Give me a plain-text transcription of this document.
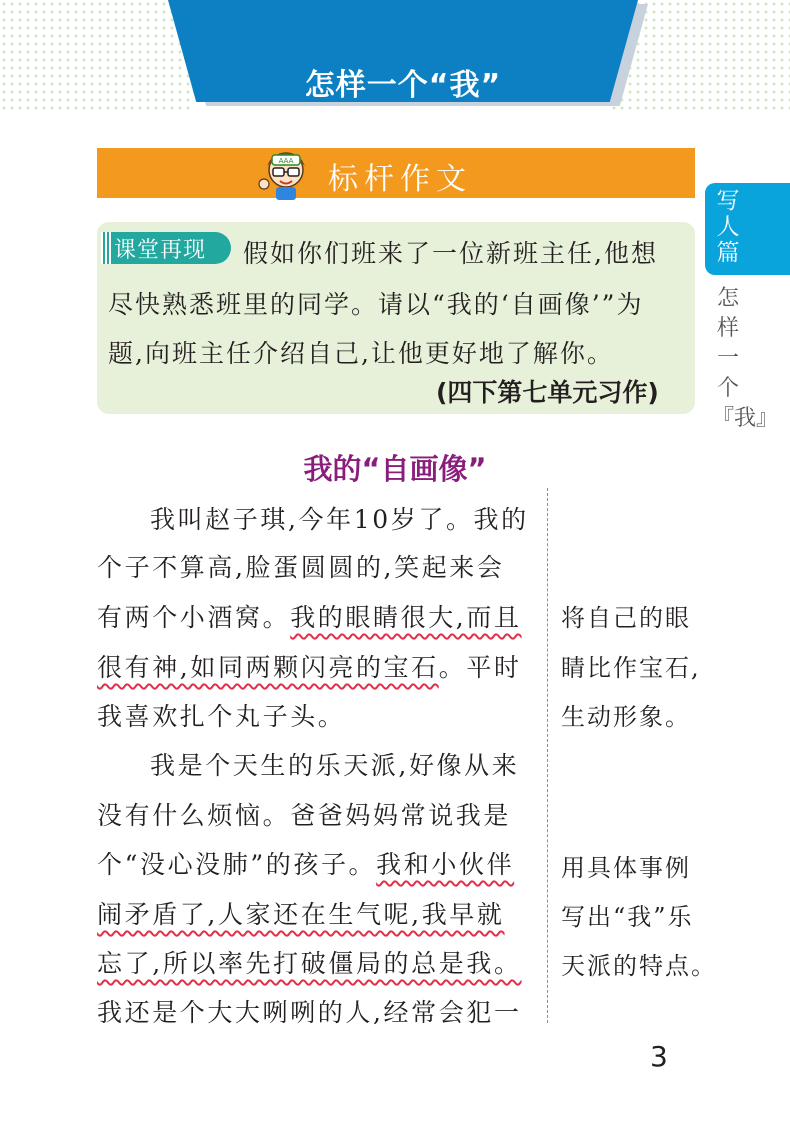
怎样一个“我”
AAA
标杆作文
写人篇
怎样一个『我』
课堂再现 假如你们班来了一位新班主任,他想
尽快熟悉班里的同学。请以“我的‘自画像’”为
题,向班主任介绍自己,让他更好地了解你。
(四下第七单元习作)
我的“自画像”
我叫赵子琪,今年10岁了。我的
个子不算高,脸蛋圆圆的,笑起来会
有两个小酒窝。我的眼睛很大,而且
很有神,如同两颗闪亮的宝石。平时
我喜欢扎个丸子头。
我是个天生的乐天派,好像从来
没有什么烦恼。爸爸妈妈常说我是
个“没心没肺”的孩子。我和小伙伴
闹矛盾了,人家还在生气呢,我早就
忘了,所以率先打破僵局的总是我。
我还是个大大咧咧的人,经常会犯一
将自己的眼
睛比作宝石,
生动形象。
用具体事例
写出“我”乐
天派的特点。
3
